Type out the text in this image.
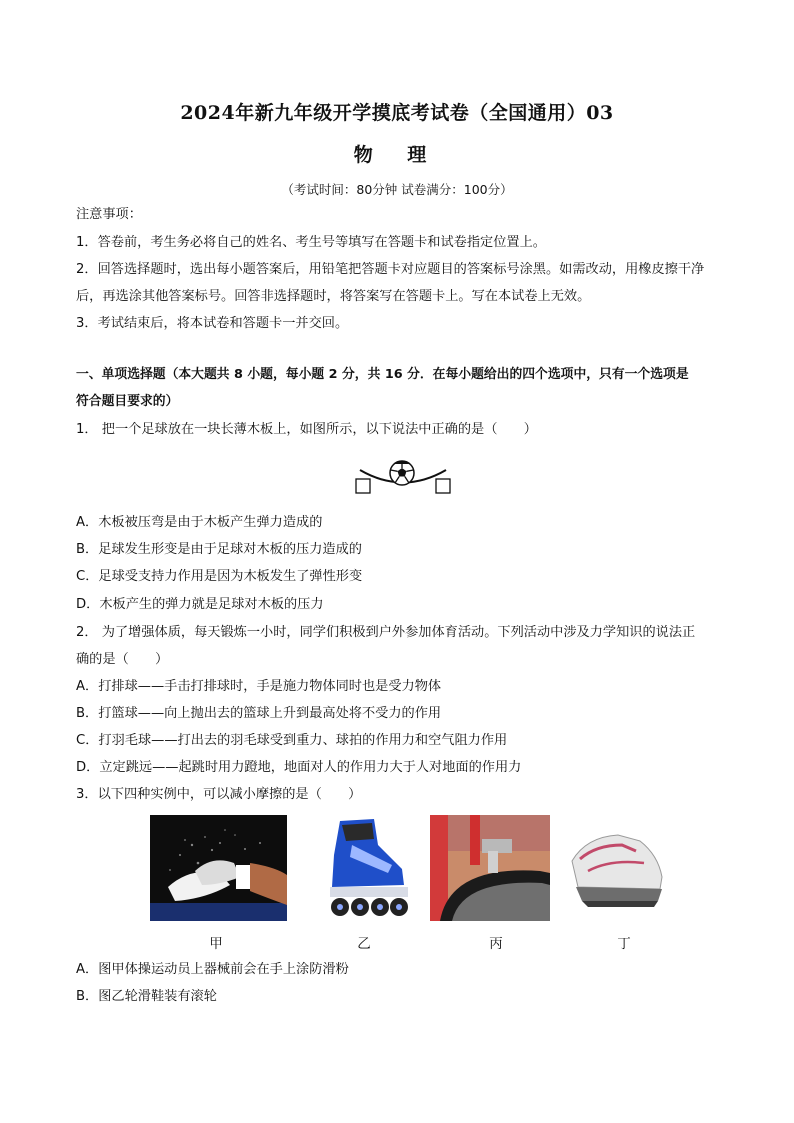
2024年新九年级开学摸底考试卷（全国通用）03
物 理
（考试时间：80分钟 试卷满分：100分）
注意事项：
1．答卷前，考生务必将自己的姓名、考生号等填写在答题卡和试卷指定位置上。
2．回答选择题时，选出每小题答案后，用铅笔把答题卡对应题目的答案标号涂黑。如需改动，用橡皮擦干净
后，再选涂其他答案标号。回答非选择题时，将答案写在答题卡上。写在本试卷上无效。
3．考试结束后，将本试卷和答题卡一并交回。
一、单项选择题（本大题共 8 小题，每小题 2 分，共 16 分．在每小题给出的四个选项中，只有一个选项是
符合题目要求的）
1． 把一个足球放在一块长薄木板上，如图所示，以下说法中正确的是（　　）
A．木板被压弯是由于木板产生弹力造成的
B．足球发生形变是由于足球对木板的压力造成的
C．足球受支持力作用是因为木板发生了弹性形变
D．木板产生的弹力就是足球对木板的压力
2． 为了增强体质，每天锻炼一小时，同学们积极到户外参加体育活动。下列活动中涉及力学知识的说法正
确的是（　　）
A．打排球——手击打排球时，手是施力物体同时也是受力物体
B．打篮球——向上抛出去的篮球上升到最高处将不受力的作用
C．打羽毛球——打出去的羽毛球受到重力、球拍的作用力和空气阻力作用
D．立定跳远——起跳时用力蹬地，地面对人的作用力大于人对地面的作用力
3．以下四种实例中，可以减小摩擦的是（　　）
甲	乙	丙	丁
A．图甲体操运动员上器械前会在手上涂防滑粉
B．图乙轮滑鞋装有滚轮
